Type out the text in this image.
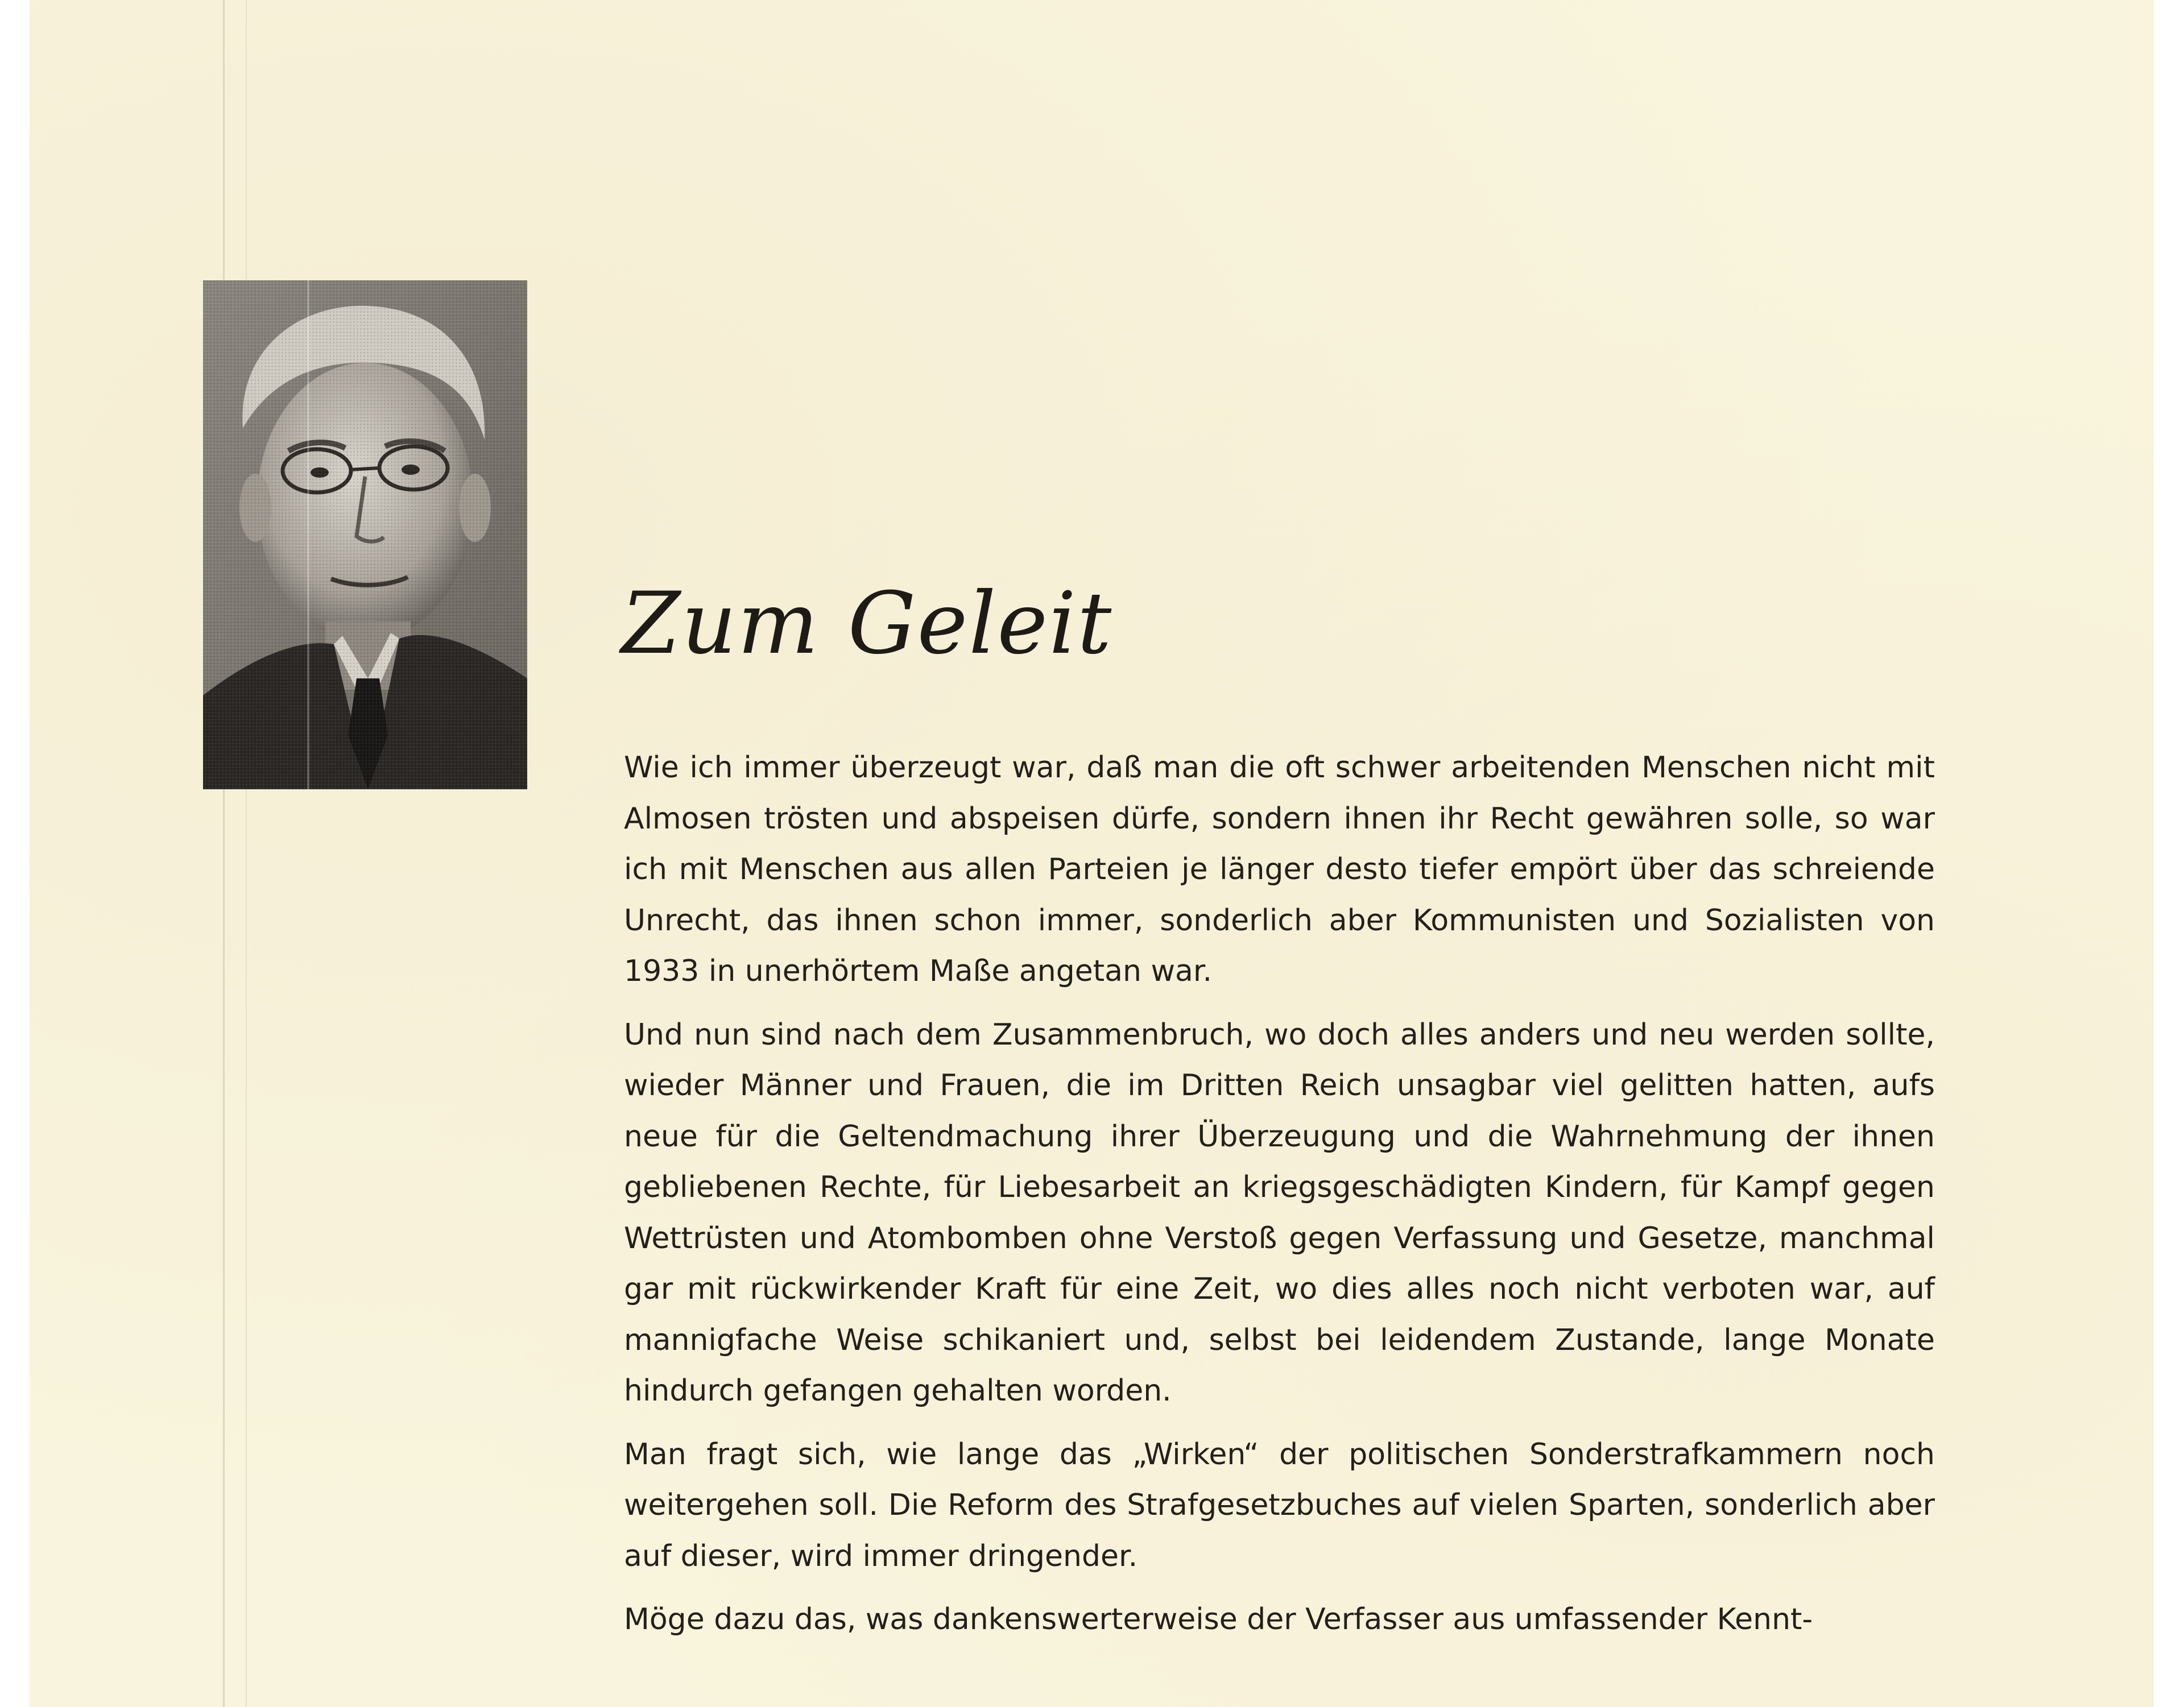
Zum Geleit

Wie ich immer überzeugt war, daß man die oft schwer arbeitenden Menschen nicht mit Almosen trösten und abspeisen dürfe, sondern ihnen ihr Recht gewähren solle, so war ich mit Menschen aus allen Parteien je länger desto tiefer empört über das schreiende Unrecht, das ihnen schon immer, sonderlich aber Kommunisten und Sozialisten von 1933 in unerhörtem Maße angetan war.

Und nun sind nach dem Zusammenbruch, wo doch alles anders und neu werden sollte, wieder Männer und Frauen, die im Dritten Reich unsagbar viel gelitten hatten, aufs neue für die Geltendmachung ihrer Überzeugung und die Wahrnehmung der ihnen gebliebenen Rechte, für Liebesarbeit an kriegsgeschädigten Kindern, für Kampf gegen Wettrüsten und Atombomben ohne Verstoß gegen Verfassung und Gesetze, manchmal gar mit rückwirkender Kraft für eine Zeit, wo dies alles noch nicht verboten war, auf mannigfache Weise schikaniert und, selbst bei leidendem Zustande, lange Monate hindurch gefangen gehalten worden.

Man fragt sich, wie lange das „Wirken“ der politischen Sonderstrafkammern noch weitergehen soll. Die Reform des Strafgesetzbuches auf vielen Sparten, sonderlich aber auf dieser, wird immer dringender.

Möge dazu das, was dankenswerterweise der Verfasser aus umfassender Kennt-
